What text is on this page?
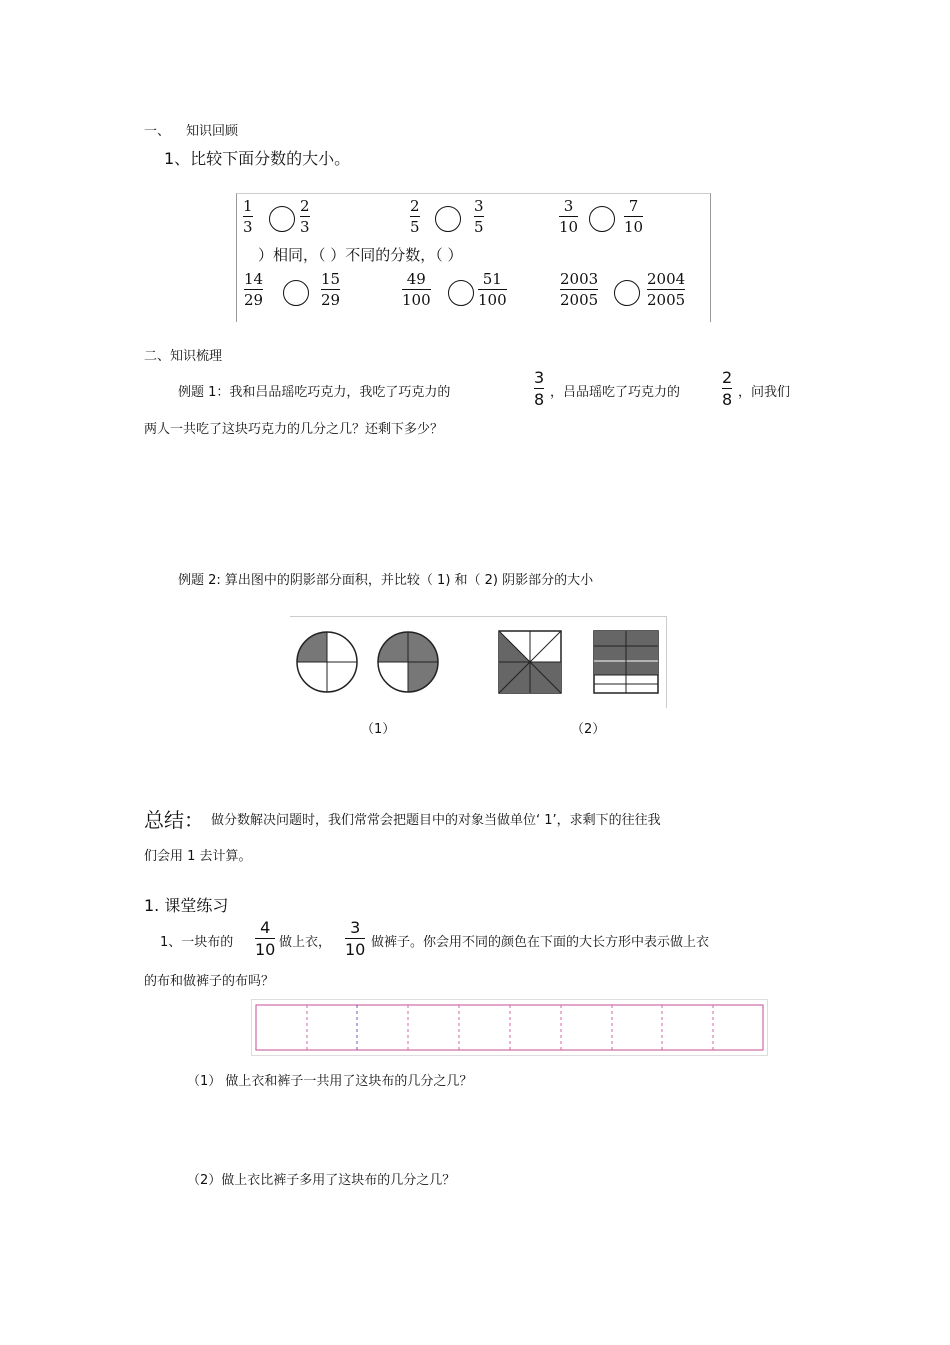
一、 知识回顾
1、比较下面分数的大小。
1
3
2
3
2
5
3
5
3
10
7
10
）相同，（ ）不同的分数，（ ）
14
29
15
29
49
100
51
100
2003
2005
2004
2005
二、知识梳理
例题 1：我和吕品瑶吃巧克力，我吃了巧克力的
3
8 ，吕品瑶吃了巧克力的
2
8 ，问我们
两人一共吃了这块巧克力的几分之几？还剩下多少？
例题 2: 算出图中的阴影部分面积，并比较（ 1) 和（ 2) 阴影部分的大小
（1）	（2）
总结： 做分数解决问题时，我们常常会把题目中的对象当做单位‘ 1’，求剩下的往往我
们会用 1 去计算。
1. 课堂练习
1、一块布的
4
10 做上衣，
3
10 做裤子。你会用不同的颜色在下面的大长方形中表示做上衣
的布和做裤子的布吗？
（1） 做上衣和裤子一共用了这块布的几分之几？
（2）做上衣比裤子多用了这块布的几分之几？
